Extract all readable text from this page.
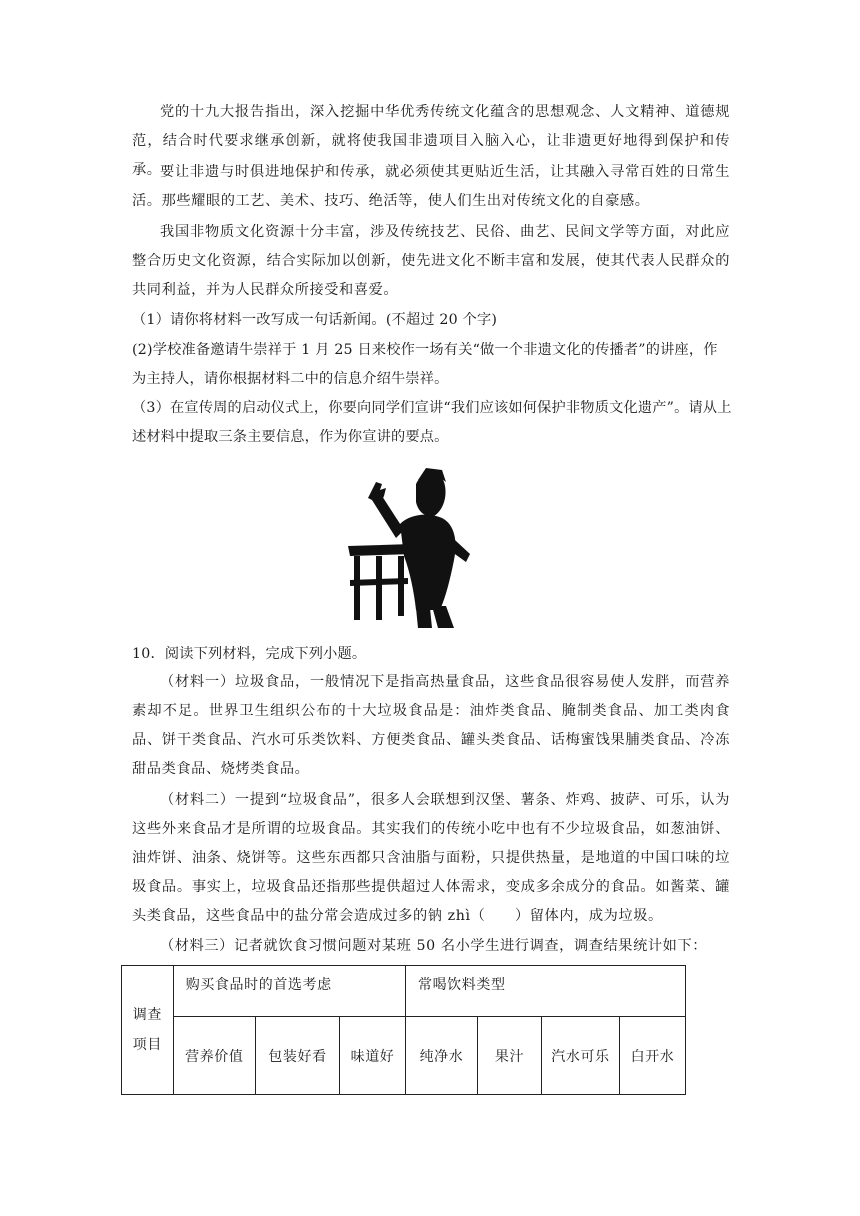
党的十九大报告指出，深入挖掘中华优秀传统文化蕴含的思想观念、人文精神、道德规范，结合时代要求继承创新，就将使我国非遗项目入脑入心，让非遗更好地得到保护和传承。

要让非遗与时俱进地保护和传承，就必须使其更贴近生活，让其融入寻常百姓的日常生活。那些耀眼的工艺、美术、技巧、绝活等，使人们生出对传统文化的自豪感。

我国非物质文化资源十分丰富，涉及传统技艺、民俗、曲艺、民间文学等方面，对此应整合历史文化资源，结合实际加以创新，使先进文化不断丰富和发展，使其代表人民群众的共同利益，并为人民群众所接受和喜爱。

（1）请你将材料一改写成一句话新闻。(不超过 20 个字)

(2)学校准备邀请牛崇祥于 1 月 25 日来校作一场有关“做一个非遗文化的传播者”的讲座，作为主持人，请你根据材料二中的信息介绍牛崇祥。

（3）在宣传周的启动仪式上，你要向同学们宣讲“我们应该如何保护非物质文化遗产”。请从上述材料中提取三条主要信息，作为你宣讲的要点。

10．阅读下列材料，完成下列小题。

（材料一）垃圾食品，一般情况下是指高热量食品，这些食品很容易使人发胖，而营养素却不足。世界卫生组织公布的十大垃圾食品是：油炸类食品、腌制类食品、加工类肉食品、饼干类食品、汽水可乐类饮料、方便类食品、罐头类食品、话梅蜜饯果脯类食品、冷冻甜品类食品、烧烤类食品。

（材料二）一提到“垃圾食品”，很多人会联想到汉堡、薯条、炸鸡、披萨、可乐，认为这些外来食品才是所谓的垃圾食品。其实我们的传统小吃中也有不少垃圾食品，如葱油饼、油炸饼、油条、烧饼等。这些东西都只含油脂与面粉，只提供热量，是地道的中国口味的垃圾食品。事实上，垃圾食品还指那些提供超过人体需求，变成多余成分的食品。如酱菜、罐头类食品，这些食品中的盐分常会造成过多的钠 zhì（　　）留体内，成为垃圾。

（材料三）记者就饮食习惯问题对某班 50 名小学生进行调查，调查结果统计如下：

调查
项目	购买食品时的首选考虑			常喝饮料类型			
	营养价值	包装好看	味道好	纯净水	果汁	汽水可乐	白开水
